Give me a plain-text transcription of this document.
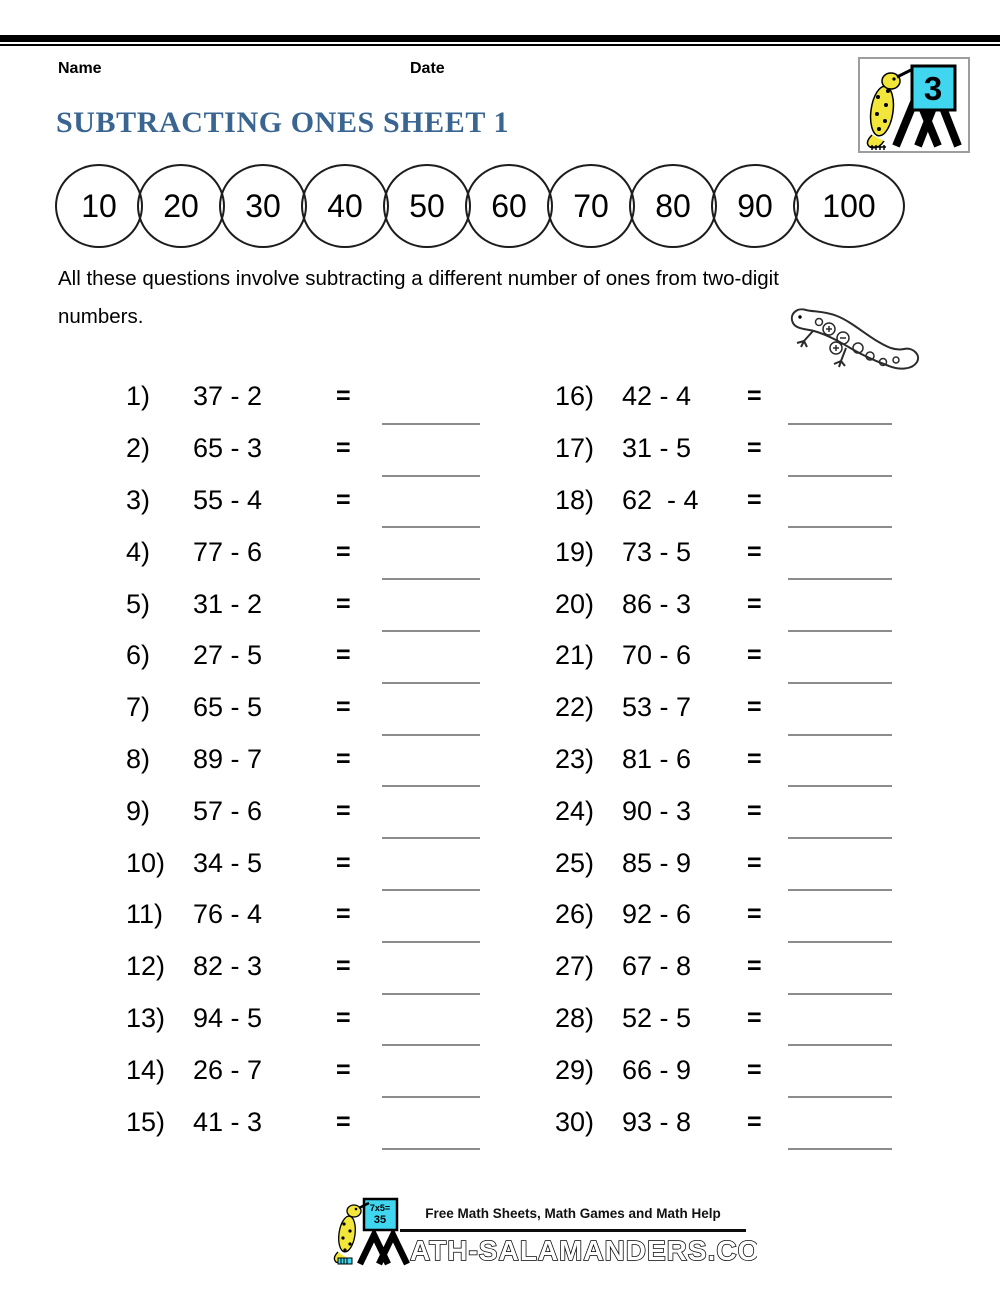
Name	Date
3
SUBTRACTING ONES SHEET 1
10 20 30 40 50 60 70 80 90 100
All these questions involve subtracting a different number of ones from two-digit
numbers.
1)	37 - 2	=
2)	65 - 3	=
3)	55 - 4	=
4)	77 - 6	=
5)	31 - 2	=
6)	27 - 5	=
7)	65 - 5	=
8)	89 - 7	=
9)	57 - 6	=
10)	34 - 5	=
11)	76 - 4	=
12)	82 - 3	=
13)	94 - 5	=
14)	26 - 7	=
15)	41 - 3	=
16)	42 - 4	=
17)	31 - 5	=
18)	62  - 4	=
19)	73 - 5	=
20)	86 - 3	=
21)	70 - 6	=
22)	53 - 7	=
23)	81 - 6	=
24)	90 - 3	=
25)	85 - 9	=
26)	92 - 6	=
27)	67 - 8	=
28)	52 - 5	=
29)	66 - 9	=
30)	93 - 8	=
7x5=
35	Free Math Sheets, Math Games and Math Help
ATH-SALAMANDERS.COM
